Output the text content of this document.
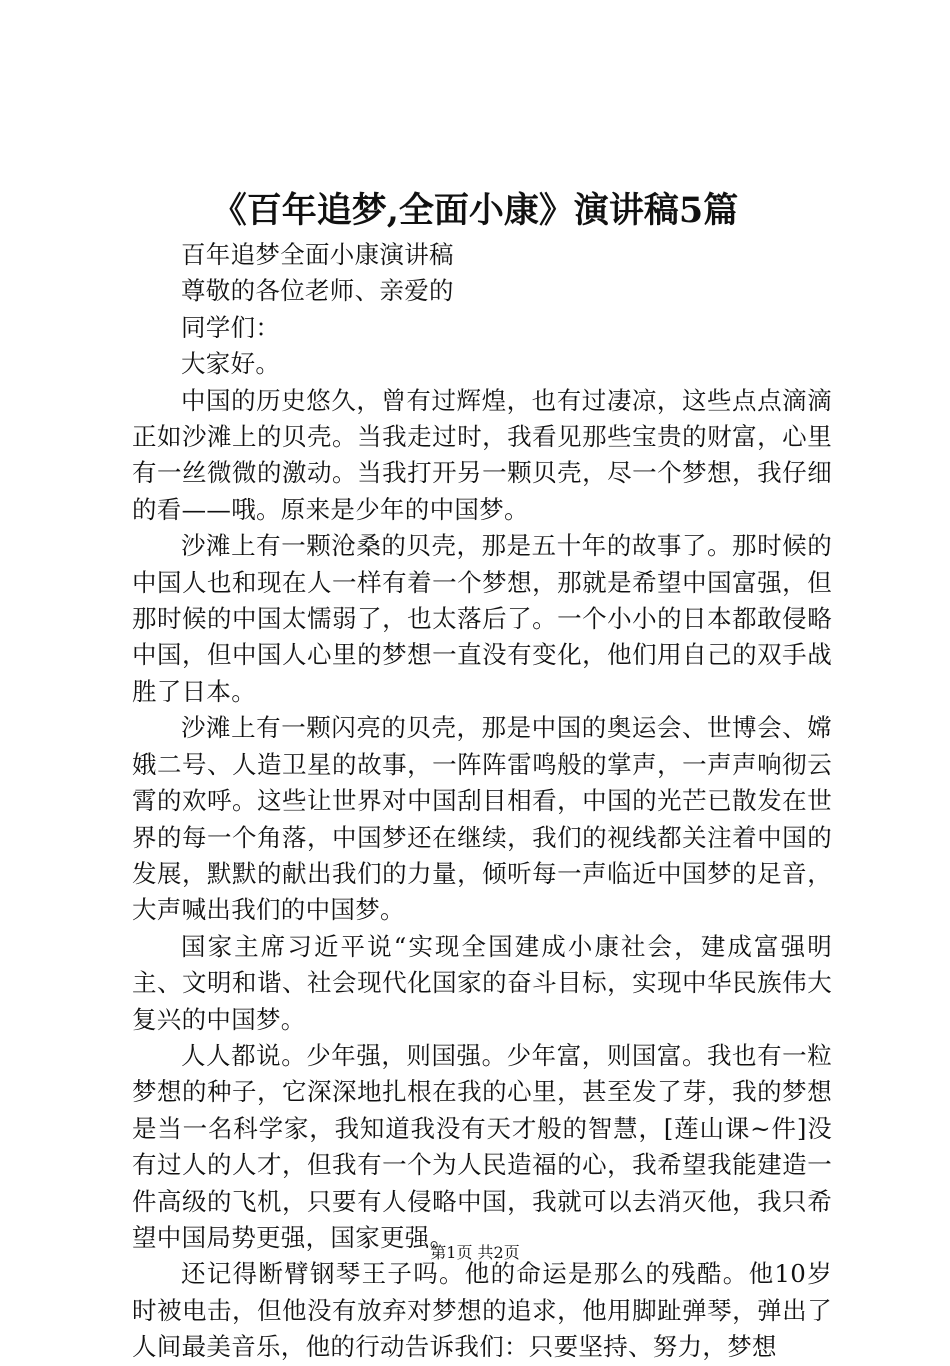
《百年追梦,全面小康》演讲稿5篇

百年追梦全面小康演讲稿

尊敬的各位老师、亲爱的

同学们：

大家好。

中国的历史悠久，曾有过辉煌，也有过凄凉，这些点点滴滴正如沙滩上的贝壳。当我走过时，我看见那些宝贵的财富，心里有一丝微微的激动。当我打开另一颗贝壳，尽一个梦想，我仔细的看——哦。原来是少年的中国梦。

沙滩上有一颗沧桑的贝壳，那是五十年的故事了。那时候的中国人也和现在人一样有着一个梦想，那就是希望中国富强，但那时候的中国太懦弱了，也太落后了。一个小小的日本都敢侵略中国，但中国人心里的梦想一直没有变化，他们用自己的双手战胜了日本。

沙滩上有一颗闪亮的贝壳，那是中国的奥运会、世博会、嫦娥二号、人造卫星的故事，一阵阵雷鸣般的掌声，一声声响彻云霄的欢呼。这些让世界对中国刮目相看，中国的光芒已散发在世界的每一个角落，中国梦还在继续，我们的视线都关注着中国的发展，默默的献出我们的力量，倾听每一声临近中国梦的足音，大声喊出我们的中国梦。

国家主席习近平说“实现全国建成小康社会，建成富强明主、文明和谐、社会现代化国家的奋斗目标，实现中华民族伟大复兴的中国梦。

人人都说。少年强，则国强。少年富，则国富。我也有一粒梦想的种子，它深深地扎根在我的心里，甚至发了芽，我的梦想是当一名科学家，我知道我没有天才般的智慧，[莲山课~件]没有过人的人才，但我有一个为人民造福的心，我希望我能建造一件高级的飞机，只要有人侵略中国，我就可以去消灭他，我只希望中国局势更强，国家更强。

还记得断臂钢琴王子吗。他的命运是那么的残酷。他10岁时被电击，但他没有放弃对梦想的追求，他用脚趾弹琴，弹出了人间最美音乐，他的行动告诉我们：只要坚持、努力，梦想

第1页 共2页
